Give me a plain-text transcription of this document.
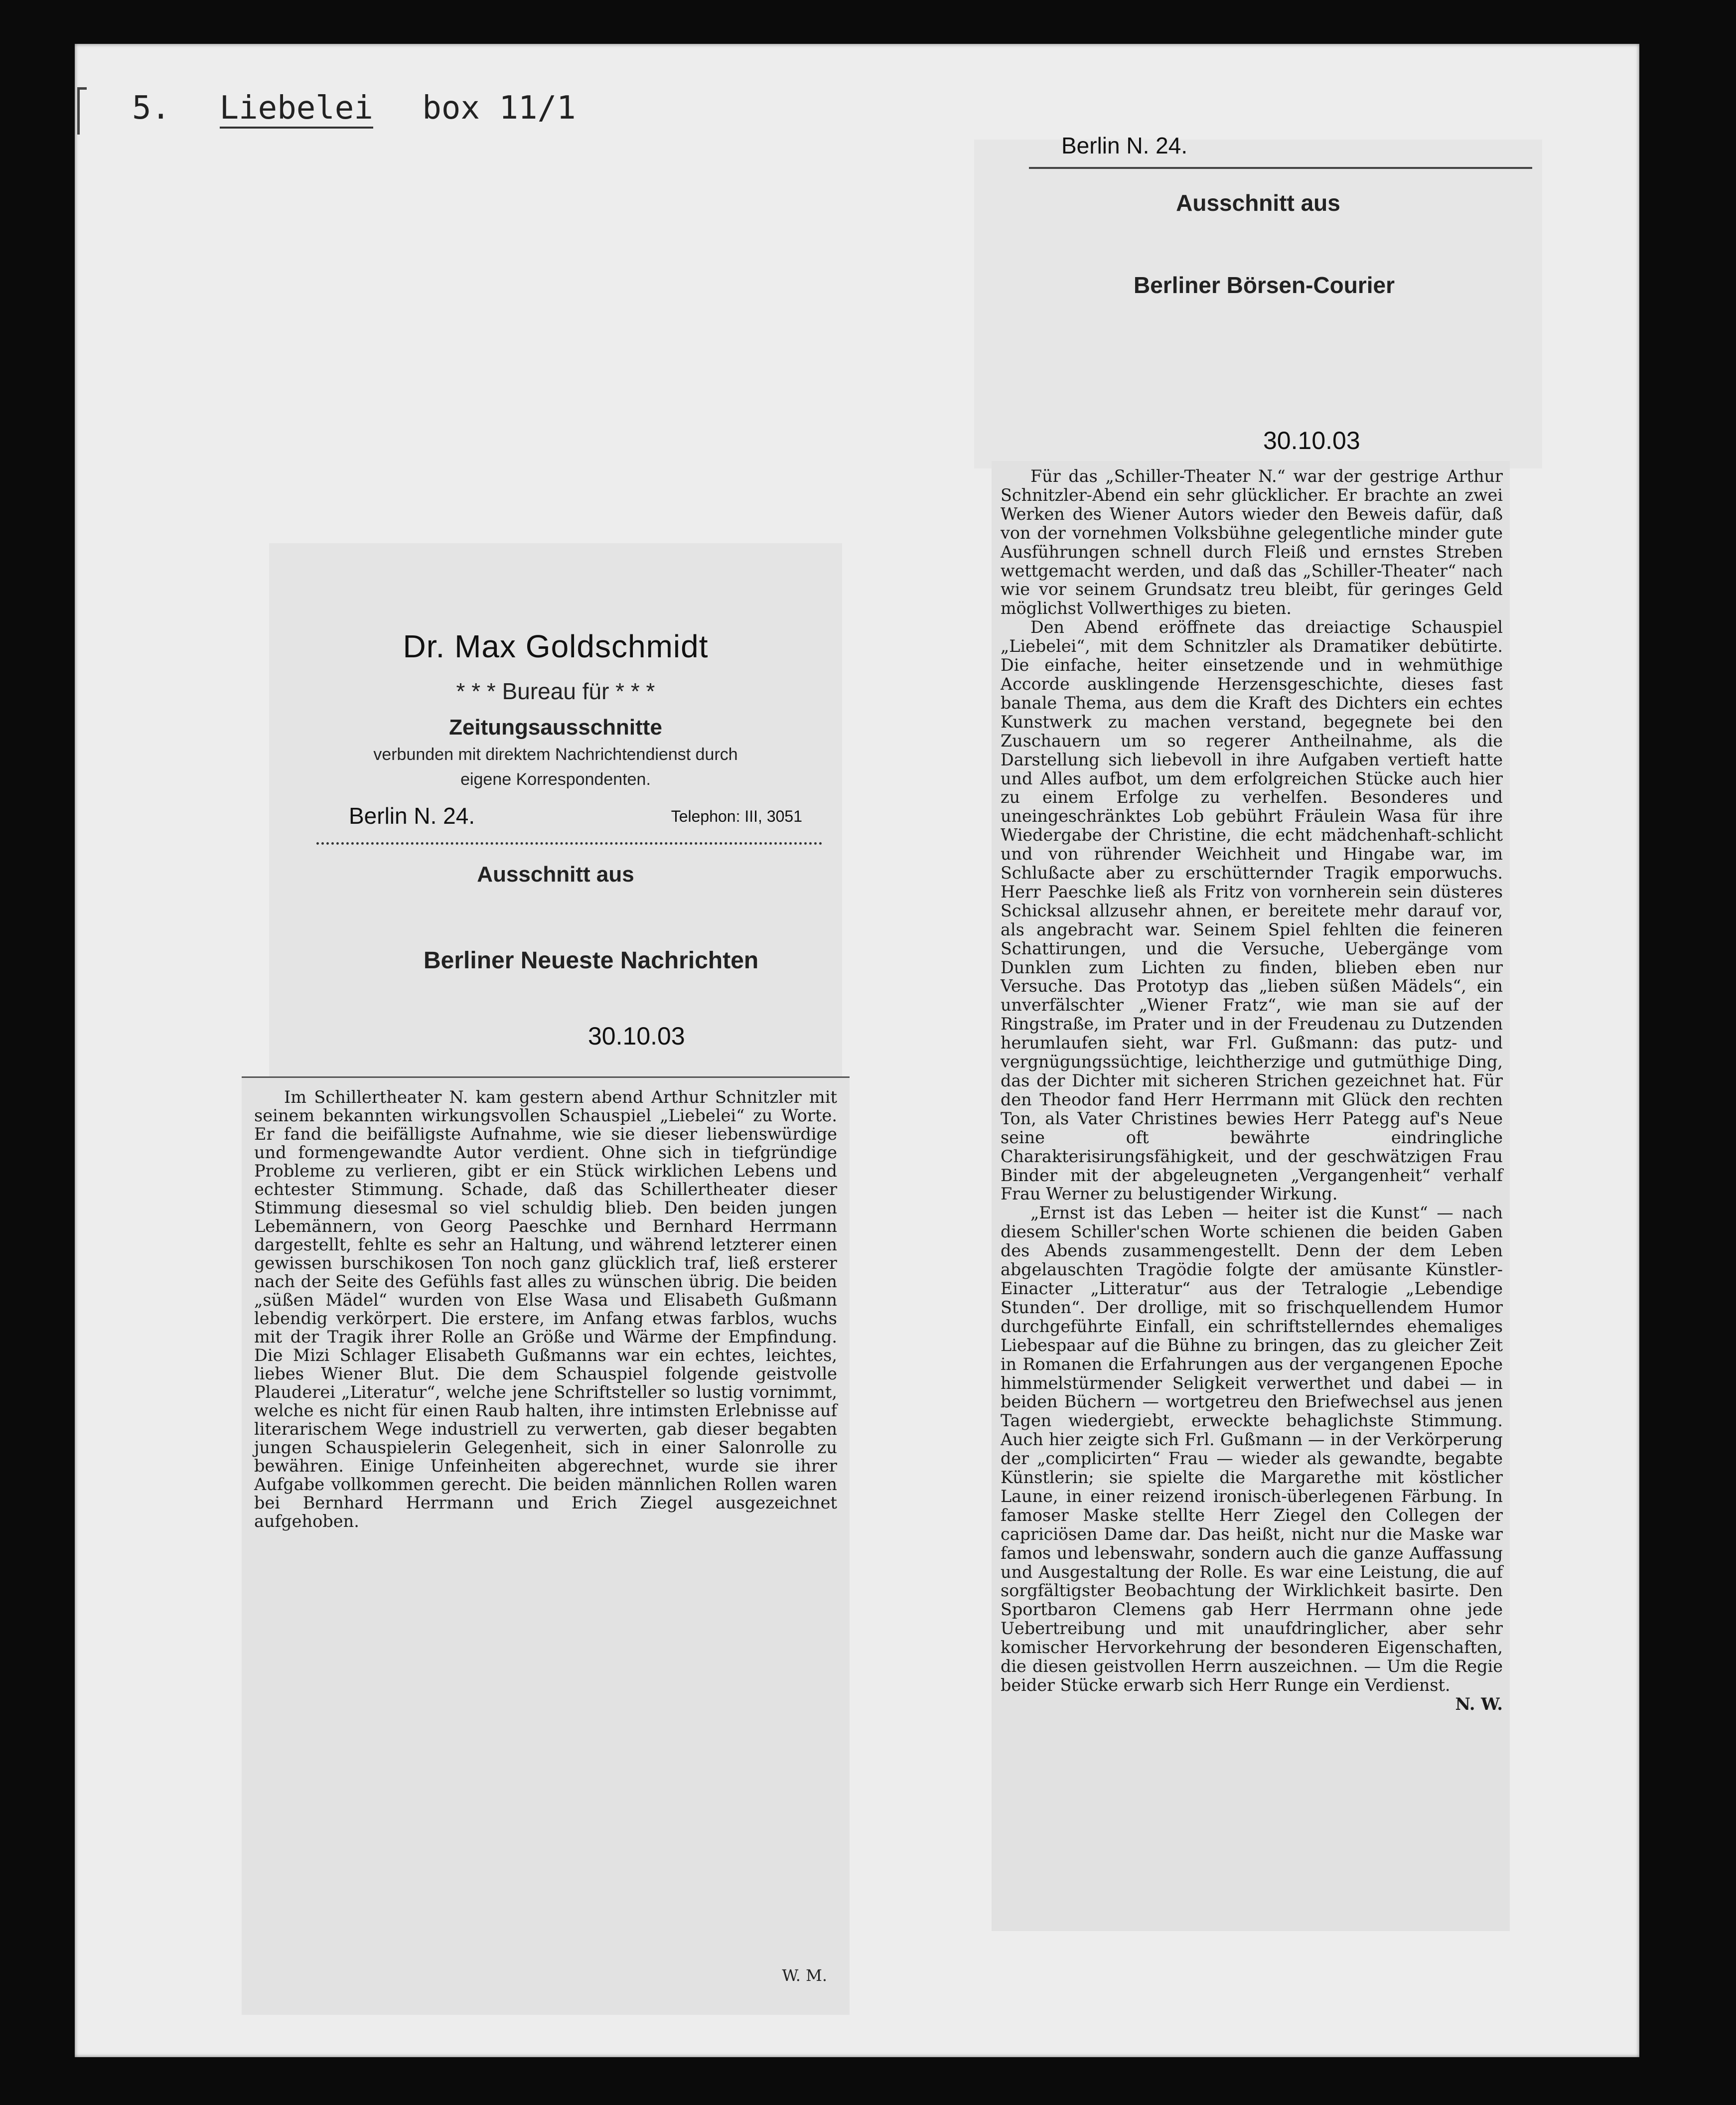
5. Liebelei box 11/1
Dr. Max Goldschmidt
* * * Bureau für * * *
Zeitungsausschnitte
verbunden mit direktem Nachrichtendienst durch
eigene Korrespondenten.
Berlin N. 24.	Telephon: III, 3051
Ausschnitt aus
Berliner Neueste Nachrichten
30.10.03

Im Schillertheater N. kam gestern abend Arthur Schnitzler mit seinem bekannten wirkungsvollen Schauspiel „Liebelei“ zu Worte. Er fand die beifälligste Aufnahme, wie sie dieser liebenswürdige und formengewandte Autor verdient. Ohne sich in tiefgründige Probleme zu verlieren, gibt er ein Stück wirklichen Lebens und echtester Stimmung. Schade, daß das Schillertheater dieser Stimmung diesesmal so viel schuldig blieb. Den beiden jungen Lebemännern, von Georg Paeschke und Bernhard Herrmann dargestellt, fehlte es sehr an Haltung, und während letzterer einen gewissen burschikosen Ton noch ganz glücklich traf, ließ ersterer nach der Seite des Gefühls fast alles zu wünschen übrig. Die beiden „süßen Mädel“ wurden von Else Wasa und Elisabeth Gußmann lebendig verkörpert. Die erstere, im Anfang etwas farblos, wuchs mit der Tragik ihrer Rolle an Größe und Wärme der Empfindung. Die Mizi Schlager Elisabeth Gußmanns war ein echtes, leichtes, liebes Wiener Blut. Die dem Schauspiel folgende geistvolle Plauderei „Literatur“, welche jene Schriftsteller so lustig vornimmt, welche es nicht für einen Raub halten, ihre intimsten Erlebnisse auf literarischem Wege industriell zu verwerten, gab dieser begabten jungen Schauspielerin Gelegenheit, sich in einer Salonrolle zu bewähren. Einige Unfeinheiten abgerechnet, wurde sie ihrer Aufgabe vollkommen gerecht. Die beiden männlichen Rollen waren bei Bernhard Herrmann und Erich Ziegel ausgezeichnet aufgehoben.

W. M.
Berlin N. 24.
Ausschnitt aus
Berliner Börsen-Courier
30.10.03

Für das „Schiller-Theater N.“ war der gestrige Arthur Schnitzler-Abend ein sehr glücklicher. Er brachte an zwei Werken des Wiener Autors wieder den Beweis dafür, daß von der vornehmen Volksbühne gelegentliche minder gute Ausführungen schnell durch Fleiß und ernstes Streben wettgemacht werden, und daß das „Schiller-Theater“ nach wie vor seinem Grundsatz treu bleibt, für geringes Geld möglichst Vollwerthiges zu bieten.

Den Abend eröffnete das dreiactige Schauspiel „Liebelei“, mit dem Schnitzler als Dramatiker debütirte. Die einfache, heiter einsetzende und in wehmüthige Accorde ausklingende Herzensgeschichte, dieses fast banale Thema, aus dem die Kraft des Dichters ein echtes Kunstwerk zu machen verstand, begegnete bei den Zuschauern um so regerer Antheilnahme, als die Darstellung sich liebevoll in ihre Aufgaben vertieft hatte und Alles aufbot, um dem erfolgreichen Stücke auch hier zu einem Erfolge zu verhelfen. Besonderes und uneingeschränktes Lob gebührt Fräulein Wasa für ihre Wiedergabe der Christine, die echt mädchenhaft-schlicht und von rührender Weichheit und Hingabe war, im Schlußacte aber zu erschütternder Tragik emporwuchs. Herr Paeschke ließ als Fritz von vornherein sein düsteres Schicksal allzusehr ahnen, er bereitete mehr darauf vor, als angebracht war. Seinem Spiel fehlten die feineren Schattirungen, und die Versuche, Uebergänge vom Dunklen zum Lichten zu finden, blieben eben nur Versuche. Das Prototyp das „lieben süßen Mädels“, ein unverfälschter „Wiener Fratz“, wie man sie auf der Ringstraße, im Prater und in der Freudenau zu Dutzenden herumlaufen sieht, war Frl. Gußmann: das putz- und vergnügungssüchtige, leichtherzige und gutmüthige Ding, das der Dichter mit sicheren Strichen gezeichnet hat. Für den Theodor fand Herr Herrmann mit Glück den rechten Ton, als Vater Christines bewies Herr Pategg auf's Neue seine oft bewährte eindringliche Charakterisirungsfähigkeit, und der geschwätzigen Frau Binder mit der abgeleugneten „Vergangenheit“ verhalf Frau Werner zu belustigender Wirkung.

„Ernst ist das Leben — heiter ist die Kunst“ — nach diesem Schiller'schen Worte schienen die beiden Gaben des Abends zusammengestellt. Denn der dem Leben abgelauschten Tragödie folgte der amüsante Künstler-Einacter „Litteratur“ aus der Tetralogie „Lebendige Stunden“. Der drollige, mit so frischquellendem Humor durchgeführte Einfall, ein schriftstellerndes ehemaliges Liebespaar auf die Bühne zu bringen, das zu gleicher Zeit in Romanen die Erfahrungen aus der vergangenen Epoche himmelstürmender Seligkeit verwerthet und dabei — in beiden Büchern — wortgetreu den Briefwechsel aus jenen Tagen wiedergiebt, erweckte behaglichste Stimmung. Auch hier zeigte sich Frl. Gußmann — in der Verkörperung der „complicirten“ Frau — wieder als gewandte, begabte Künstlerin; sie spielte die Margarethe mit köstlicher Laune, in einer reizend ironisch-überlegenen Färbung. In famoser Maske stellte Herr Ziegel den Collegen der capriciösen Dame dar. Das heißt, nicht nur die Maske war famos und lebenswahr, sondern auch die ganze Auffassung und Ausgestaltung der Rolle. Es war eine Leistung, die auf sorgfältigster Beobachtung der Wirklichkeit basirte. Den Sportbaron Clemens gab Herr Herrmann ohne jede Uebertreibung und mit unaufdringlicher, aber sehr komischer Hervorkehrung der besonderen Eigenschaften, die diesen geistvollen Herrn auszeichnen. — Um die Regie beider Stücke erwarb sich Herr Runge ein Verdienst.

N. W.
